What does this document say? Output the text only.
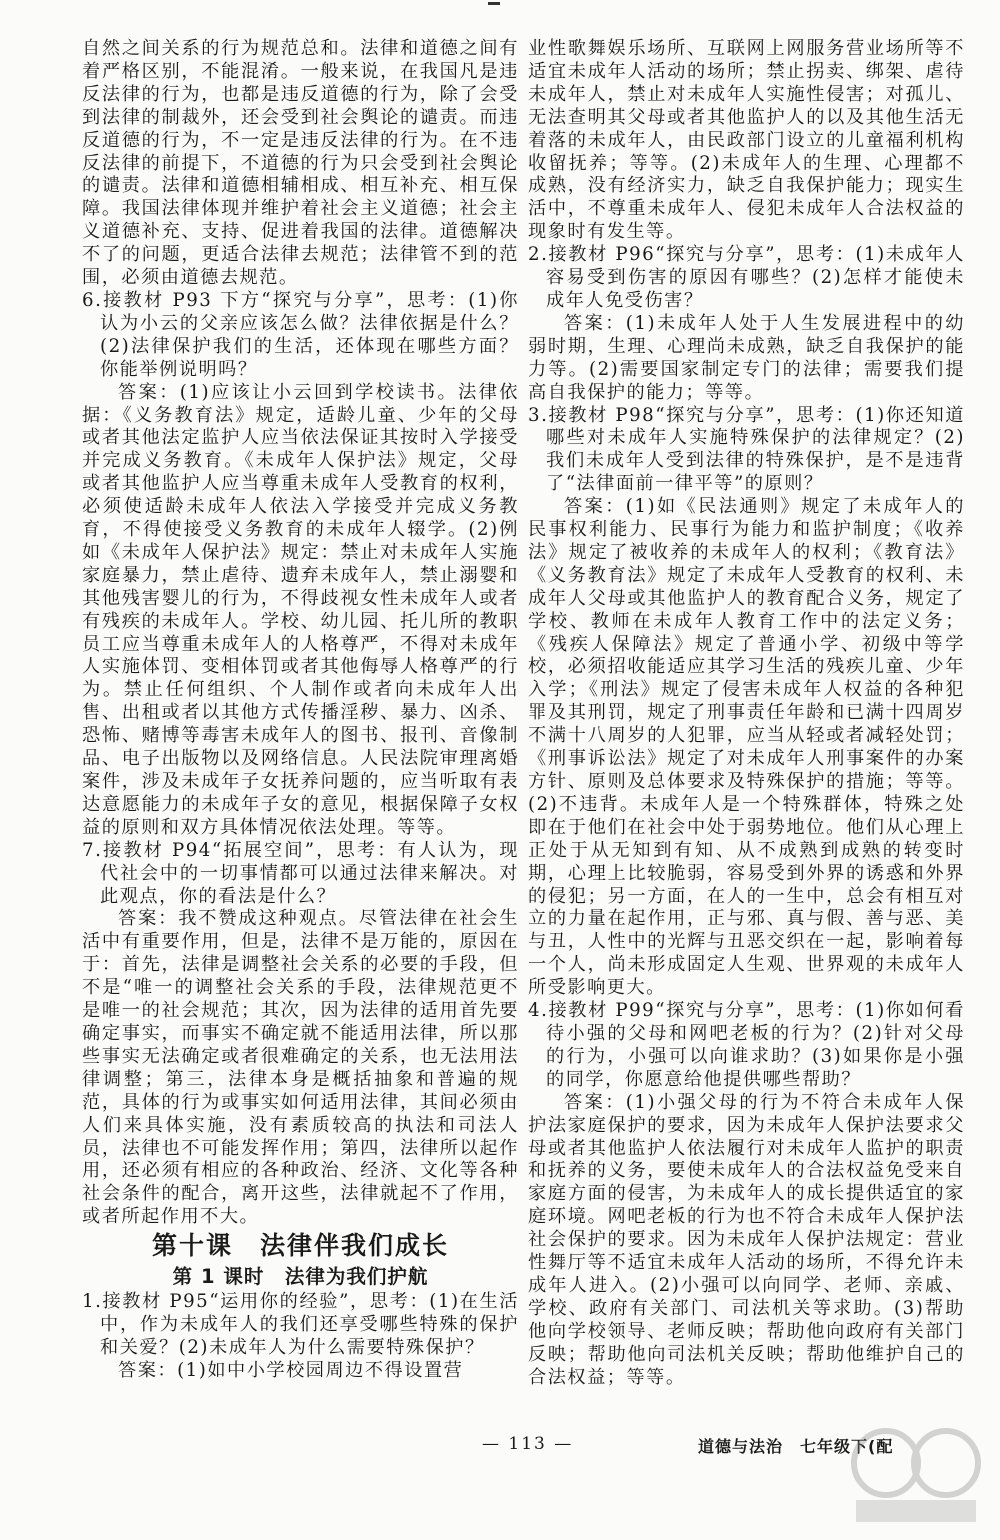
自然之间关系的行为规范总和。法律和道德之间有着严格区别，不能混淆。一般来说，在我国凡是违反法律的行为，也都是违反道德的行为，除了会受到法律的制裁外，还会受到社会舆论的谴责。而违反道德的行为，不一定是违反法律的行为。在不违反法律的前提下，不道德的行为只会受到社会舆论的谴责。法律和道德相辅相成、相互补充、相互保障。我国法律体现并维护着社会主义道德；社会主义道德补充、支持、促进着我国的法律。道德解决不了的问题，更适合法律去规范；法律管不到的范围，必须由道德去规范。

6.接教材 P93 下方“探究与分享”，思考：(1)你认为小云的父亲应该怎么做？法律依据是什么？(2)法律保护我们的生活，还体现在哪些方面？你能举例说明吗？

答案：(1)应该让小云回到学校读书。法律依据：《义务教育法》规定，适龄儿童、少年的父母或者其他法定监护人应当依法保证其按时入学接受并完成义务教育。《未成年人保护法》规定，父母或者其他监护人应当尊重未成年人受教育的权利，必须使适龄未成年人依法入学接受并完成义务教育，不得使接受义务教育的未成年人辍学。(2)例如《未成年人保护法》规定：禁止对未成年人实施家庭暴力，禁止虐待、遗弃未成年人，禁止溺婴和其他残害婴儿的行为，不得歧视女性未成年人或者有残疾的未成年人。学校、幼儿园、托儿所的教职员工应当尊重未成年人的人格尊严，不得对未成年人实施体罚、变相体罚或者其他侮辱人格尊严的行为。禁止任何组织、个人制作或者向未成年人出售、出租或者以其他方式传播淫秽、暴力、凶杀、恐怖、赌博等毒害未成年人的图书、报刊、音像制品、电子出版物以及网络信息。人民法院审理离婚案件，涉及未成年子女抚养问题的，应当听取有表达意愿能力的未成年子女的意见，根据保障子女权益的原则和双方具体情况依法处理。等等。

7.接教材 P94“拓展空间”，思考：有人认为，现代社会中的一切事情都可以通过法律来解决。对此观点，你的看法是什么？

答案：我不赞成这种观点。尽管法律在社会生活中有重要作用，但是，法律不是万能的，原因在于：首先，法律是调整社会关系的必要的手段，但不是“唯一的调整社会关系的手段，法律规范更不是唯一的社会规范；其次，因为法律的适用首先要确定事实，而事实不确定就不能适用法律，所以那些事实无法确定或者很难确定的关系，也无法用法律调整；第三，法律本身是概括抽象和普遍的规范，具体的行为或事实如何适用法律，其间必须由人们来具体实施，没有素质较高的执法和司法人员，法律也不可能发挥作用；第四，法律所以起作用，还必须有相应的各种政治、经济、文化等各种社会条件的配合，离开这些，法律就起不了作用，或者所起作用不大。

第十课　法律伴我们成长

第 1 课时　法律为我们护航

1.接教材 P95“运用你的经验”，思考：(1)在生活中，作为未成年人的我们还享受哪些特殊的保护和关爱？(2)未成年人为什么需要特殊保护？

答案：(1)如中小学校园周边不得设置营

业性歌舞娱乐场所、互联网上网服务营业场所等不适宜未成年人活动的场所；禁止拐卖、绑架、虐待未成年人，禁止对未成年人实施性侵害；对孤儿、无法查明其父母或者其他监护人的以及其他生活无着落的未成年人，由民政部门设立的儿童福利机构收留抚养；等等。(2)未成年人的生理、心理都不成熟，没有经济实力，缺乏自我保护能力；现实生活中，不尊重未成年人、侵犯未成年人合法权益的现象时有发生等。

2.接教材 P96“探究与分享”，思考：(1)未成年人容易受到伤害的原因有哪些？(2)怎样才能使未成年人免受伤害？

答案：(1)未成年人处于人生发展进程中的幼弱时期，生理、心理尚未成熟，缺乏自我保护的能力等。(2)需要国家制定专门的法律；需要我们提高自我保护的能力；等等。

3.接教材 P98“探究与分享”，思考：(1)你还知道哪些对未成年人实施特殊保护的法律规定？(2)我们未成年人受到法律的特殊保护，是不是违背了“法律面前一律平等”的原则？

答案：(1)如《民法通则》规定了未成年人的民事权利能力、民事行为能力和监护制度；《收养法》规定了被收养的未成年人的权利；《教育法》《义务教育法》规定了未成年人受教育的权利、未成年人父母或其他监护人的教育配合义务，规定了学校、教师在未成年人教育工作中的法定义务；《残疾人保障法》规定了普通小学、初级中等学校，必须招收能适应其学习生活的残疾儿童、少年入学；《刑法》规定了侵害未成年人权益的各种犯罪及其刑罚，规定了刑事责任年龄和已满十四周岁不满十八周岁的人犯罪，应当从轻或者减轻处罚；《刑事诉讼法》规定了对未成年人刑事案件的办案方针、原则及总体要求及特殊保护的措施；等等。(2)不违背。未成年人是一个特殊群体，特殊之处即在于他们在社会中处于弱势地位。他们从心理上正处于从无知到有知、从不成熟到成熟的转变时期，心理上比较脆弱，容易受到外界的诱惑和外界的侵犯；另一方面，在人的一生中，总会有相互对立的力量在起作用，正与邪、真与假、善与恶、美与丑，人性中的光辉与丑恶交织在一起，影响着每一个人，尚未形成固定人生观、世界观的未成年人所受影响更大。

4.接教材 P99“探究与分享”，思考：(1)你如何看待小强的父母和网吧老板的行为？(2)针对父母的行为，小强可以向谁求助？(3)如果你是小强的同学，你愿意给他提供哪些帮助？

答案：(1)小强父母的行为不符合未成年人保护法家庭保护的要求，因为未成年人保护法要求父母或者其他监护人依法履行对未成年人监护的职责和抚养的义务，要使未成年人的合法权益免受来自家庭方面的侵害，为未成年人的成长提供适宜的家庭环境。网吧老板的行为也不符合未成年人保护法社会保护的要求。因为未成年人保护法规定：营业性舞厅等不适宜未成年人活动的场所，不得允许未成年人进入。(2)小强可以向同学、老师、亲戚、学校、政府有关部门、司法机关等求助。(3)帮助他向学校领导、老师反映；帮助他向政府有关部门反映；帮助他向司法机关反映；帮助他维护自己的合法权益；等等。

— 113 —	道德与法治　七年级下(配
